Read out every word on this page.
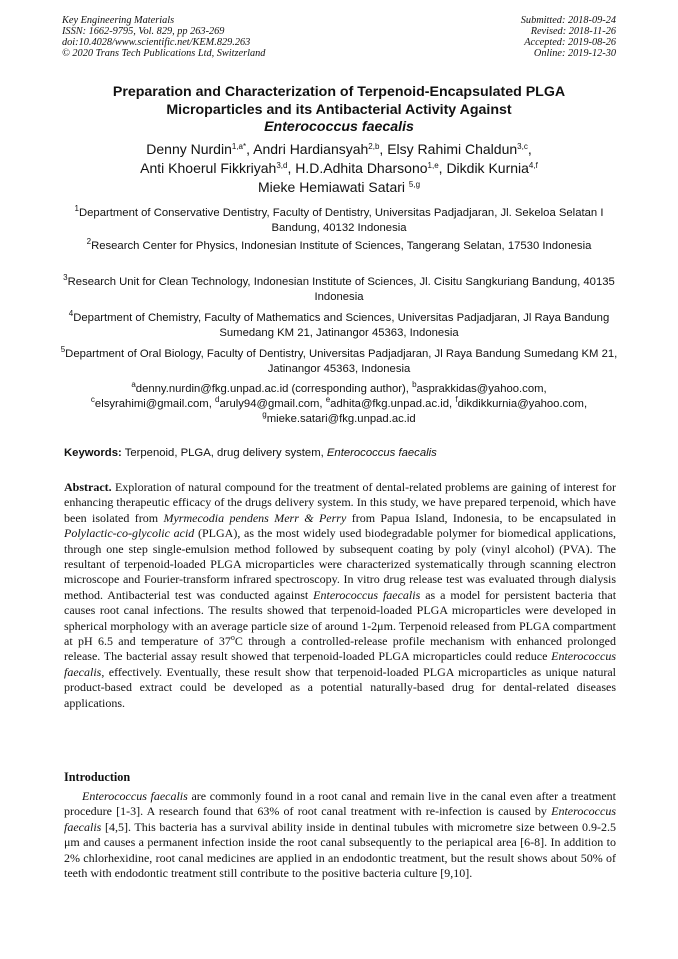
Key Engineering Materials
ISSN: 1662-9795, Vol. 829, pp 263-269
doi:10.4028/www.scientific.net/KEM.829.263
© 2020 Trans Tech Publications Ltd, Switzerland
Submitted: 2018-09-24
Revised: 2018-11-26
Accepted: 2019-08-26
Online: 2019-12-30
Preparation and Characterization of Terpenoid-Encapsulated PLGA
Microparticles and its Antibacterial Activity Against
Enterococcus faecalis
Denny Nurdin$^{1,a*}$, Andri Hardiansyah$^{2,b}$, Elsy Rahimi Chaldun$^{3,c}$,
Anti Khoerul Fikkriyah$^{3,d}$, H.D.Adhita Dharsono$^{1,e}$, Dikdik Kurnia$^{4,f}$
Mieke Hemiawati Satari $^{5,g}$
$^1$Department of Conservative Dentistry, Faculty of Dentistry, Universitas Padjadjaran, Jl. Sekeloa Selatan I Bandung, 40132 Indonesia
$^2$Research Center for Physics, Indonesian Institute of Sciences, Tangerang Selatan, 17530 Indonesia
$^3$Research Unit for Clean Technology, Indonesian Institute of Sciences, Jl. Cisitu Sangkuriang Bandung, 40135 Indonesia
$^4$Department of Chemistry, Faculty of Mathematics and Sciences, Universitas Padjadjaran, Jl Raya Bandung Sumedang KM 21, Jatinangor 45363, Indonesia
$^5$Department of Oral Biology, Faculty of Dentistry, Universitas Padjadjaran, Jl Raya Bandung Sumedang KM 21, Jatinangor 45363, Indonesia
$^a$denny.nurdin@fkg.unpad.ac.id (corresponding author), $^b$asprakkidas@yahoo.com,
$^c$elsyrahimi@gmail.com, $^d$aruly94@gmail.com, $^e$adhita@fkg.unpad.ac.id, $^f$dikdikkurnia@yahoo.com,
$^g$mieke.satari@fkg.unpad.ac.id
Keywords: Terpenoid, PLGA, drug delivery system, Enterococcus faecalis
Abstract. Exploration of natural compound for the treatment of dental-related problems are gaining of interest for enhancing therapeutic efficacy of the drugs delivery system. In this study, we have prepared terpenoid, which have been isolated from Myrmecodia pendens Merr & Perry from Papua Island, Indonesia, to be encapsulated in Polylactic-co-glycolic acid (PLGA), as the most widely used biodegradable polymer for biomedical applications, through one step single-emulsion method followed by subsequent coating by poly (vinyl alcohol) (PVA). The resultant of terpenoid-loaded PLGA microparticles were characterized systematically through scanning electron microscope and Fourier-transform infrared spectroscopy. In vitro drug release test was evaluated through dialysis method. Antibacterial test was conducted against Enterococcus faecalis as a model for persistent bacteria that causes root canal infections. The results showed that terpenoid-loaded PLGA microparticles were developed in spherical morphology with an average particle size of around 1-2μm. Terpenoid released from PLGA compartment at pH 6.5 and temperature of 37$^o$C through a controlled-release profile mechanism with enhanced prolonged release. The bacterial assay result showed that terpenoid-loaded PLGA microparticles could reduce Enterococcus faecalis, effectively. Eventually, these result show that terpenoid-loaded PLGA microparticles as unique natural product-based extract could be developed as a potential naturally-based drug for dental-related diseases applications.
Introduction
Enterococcus faecalis are commonly found in a root canal and remain live in the canal even after a treatment procedure [1-3]. A research found that 63% of root canal treatment with re-infection is caused by Enterococcus faecalis [4,5]. This bacteria has a survival ability inside in dentinal tubules with micrometre size between 0.9-2.5 μm and causes a permanent infection inside the root canal subsequently to the periapical area [6-8]. In addition to 2% chlorhexidine, root canal medicines are applied in an endodontic treatment, but the result shows about 50% of teeth with endodontic treatment still contribute to the positive bacteria culture [9,10].
